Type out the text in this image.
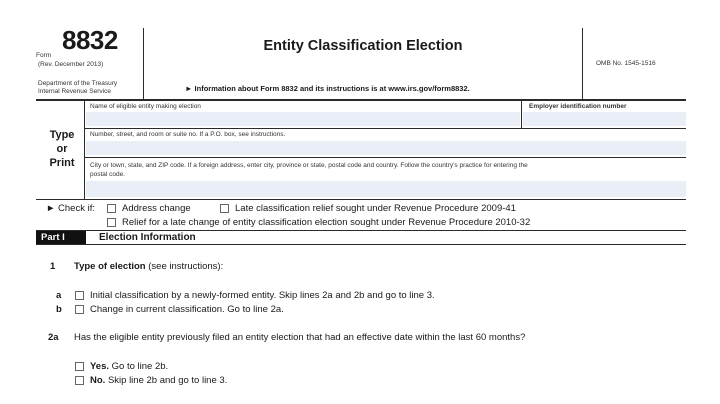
Form
8832
(Rev. December 2013)
Department of the Treasury
Internal Revenue Service
Entity Classification Election
► Information about Form 8832 and its instructions is at www.irs.gov/form8832.
OMB No. 1545-1516
Type
or
Print
Name of eligible entity making election	Employer identification number
Number, street, and room or suite no. If a P.O. box, see instructions.
City or town, state, and ZIP code. If a foreign address, enter city, province or state, postal code and country. Follow the country’s practice for entering the
postal code.
► Check if:	Address change	Late classification relief sought under Revenue Procedure 2009-41
Relief for a late change of entity classification election sought under Revenue Procedure 2010-32
Part I	Election Information
1 Type of election (see instructions):
a	Initial classification by a newly-formed entity. Skip lines 2a and 2b and go to line 3.
b	Change in current classification. Go to line 2a.
2a Has the eligible entity previously filed an entity election that had an effective date within the last 60 months?
Yes. Go to line 2b.
No. Skip line 2b and go to line 3.
